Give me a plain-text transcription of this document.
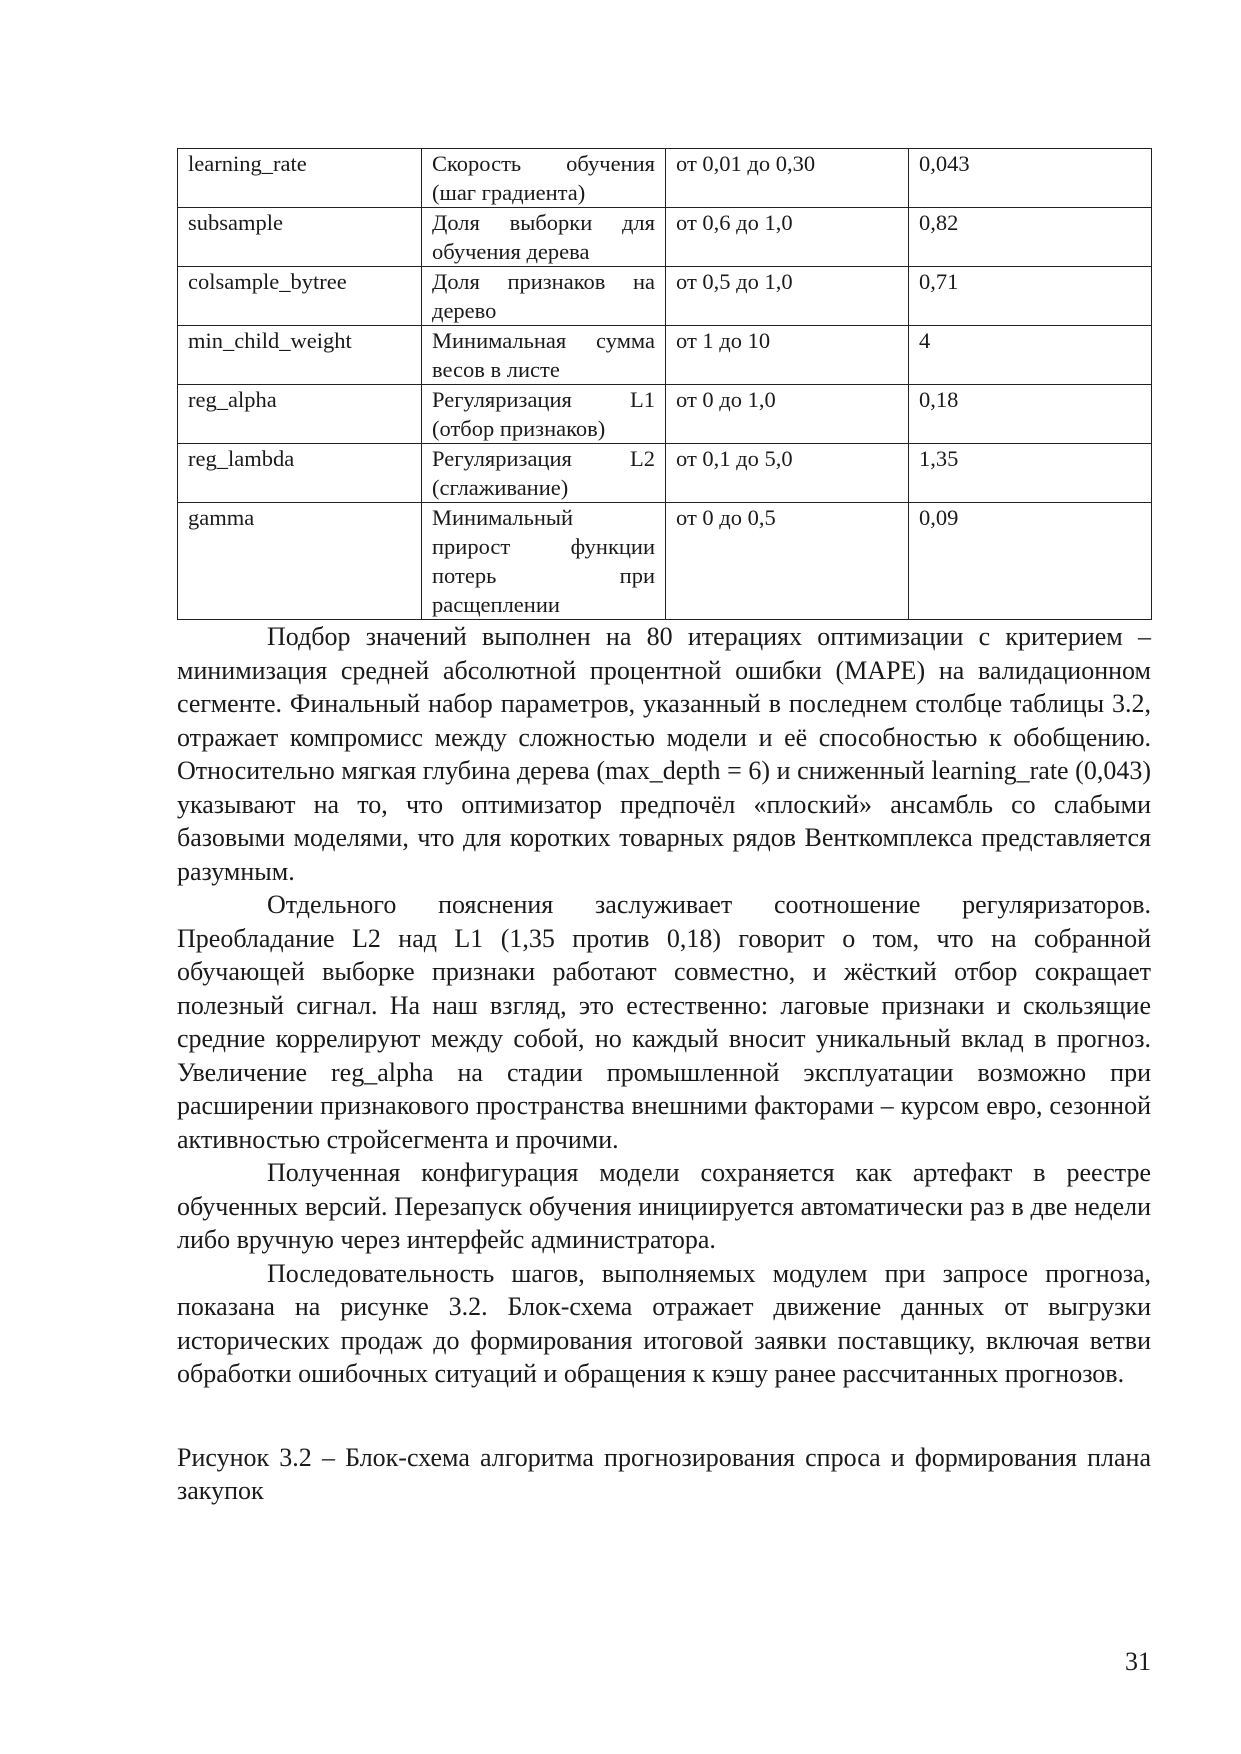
learning_rate	Скорость обучения (шаг градиента)	от 0,01 до 0,30	0,043
subsample	Доля выборки для обучения дерева	от 0,6 до 1,0	0,82
colsample_bytree	Доля признаков на дерево	от 0,5 до 1,0	0,71
min_child_weight	Минимальная сумма весов в листе	от 1 до 10	4
reg_alpha	Регуляризация L1 (отбор признаков)	от 0 до 1,0	0,18
reg_lambda	Регуляризация L2 (сглаживание)	от 0,1 до 5,0	1,35
gamma	Минимальный прирост функции потерь при расщеплении	от 0 до 0,5	0,09

Подбор значений выполнен на 80 итерациях оптимизации с критерием – минимизация средней абсолютной процентной ошибки (MAPE) на валидационном сегменте. Финальный набор параметров, указанный в последнем столбце таблицы 3.2, отражает компромисс между сложностью модели и её способностью к обобщению. Относительно мягкая глубина дерева (max_depth = 6) и сниженный learning_rate (0,043) указывают на то, что оптимизатор предпочёл «плоский» ансамбль со слабыми базовыми моделями, что для коротких товарных рядов Венткомплекса представляется разумным.

Отдельного пояснения заслуживает соотношение регуляризаторов. Преобладание L2 над L1 (1,35 против 0,18) говорит о том, что на собранной обучающей выборке признаки работают совместно, и жёсткий отбор сокращает полезный сигнал. На наш взгляд, это естественно: лаговые признаки и скользящие средние коррелируют между собой, но каждый вносит уникальный вклад в прогноз. Увеличение reg_alpha на стадии промышленной эксплуатации возможно при расширении признакового пространства внешними факторами – курсом евро, сезонной активностью стройсегмента и прочими.

Полученная конфигурация модели сохраняется как артефакт в реестре обученных версий. Перезапуск обучения инициируется автоматически раз в две недели либо вручную через интерфейс администратора.

Последовательность шагов, выполняемых модулем при запросе прогноза, показана на рисунке 3.2. Блок-схема отражает движение данных от выгрузки исторических продаж до формирования итоговой заявки поставщику, включая ветви обработки ошибочных ситуаций и обращения к кэшу ранее рассчитанных прогнозов.

Рисунок 3.2 – Блок-схема алгоритма прогнозирования спроса и формирования плана закупок

31
